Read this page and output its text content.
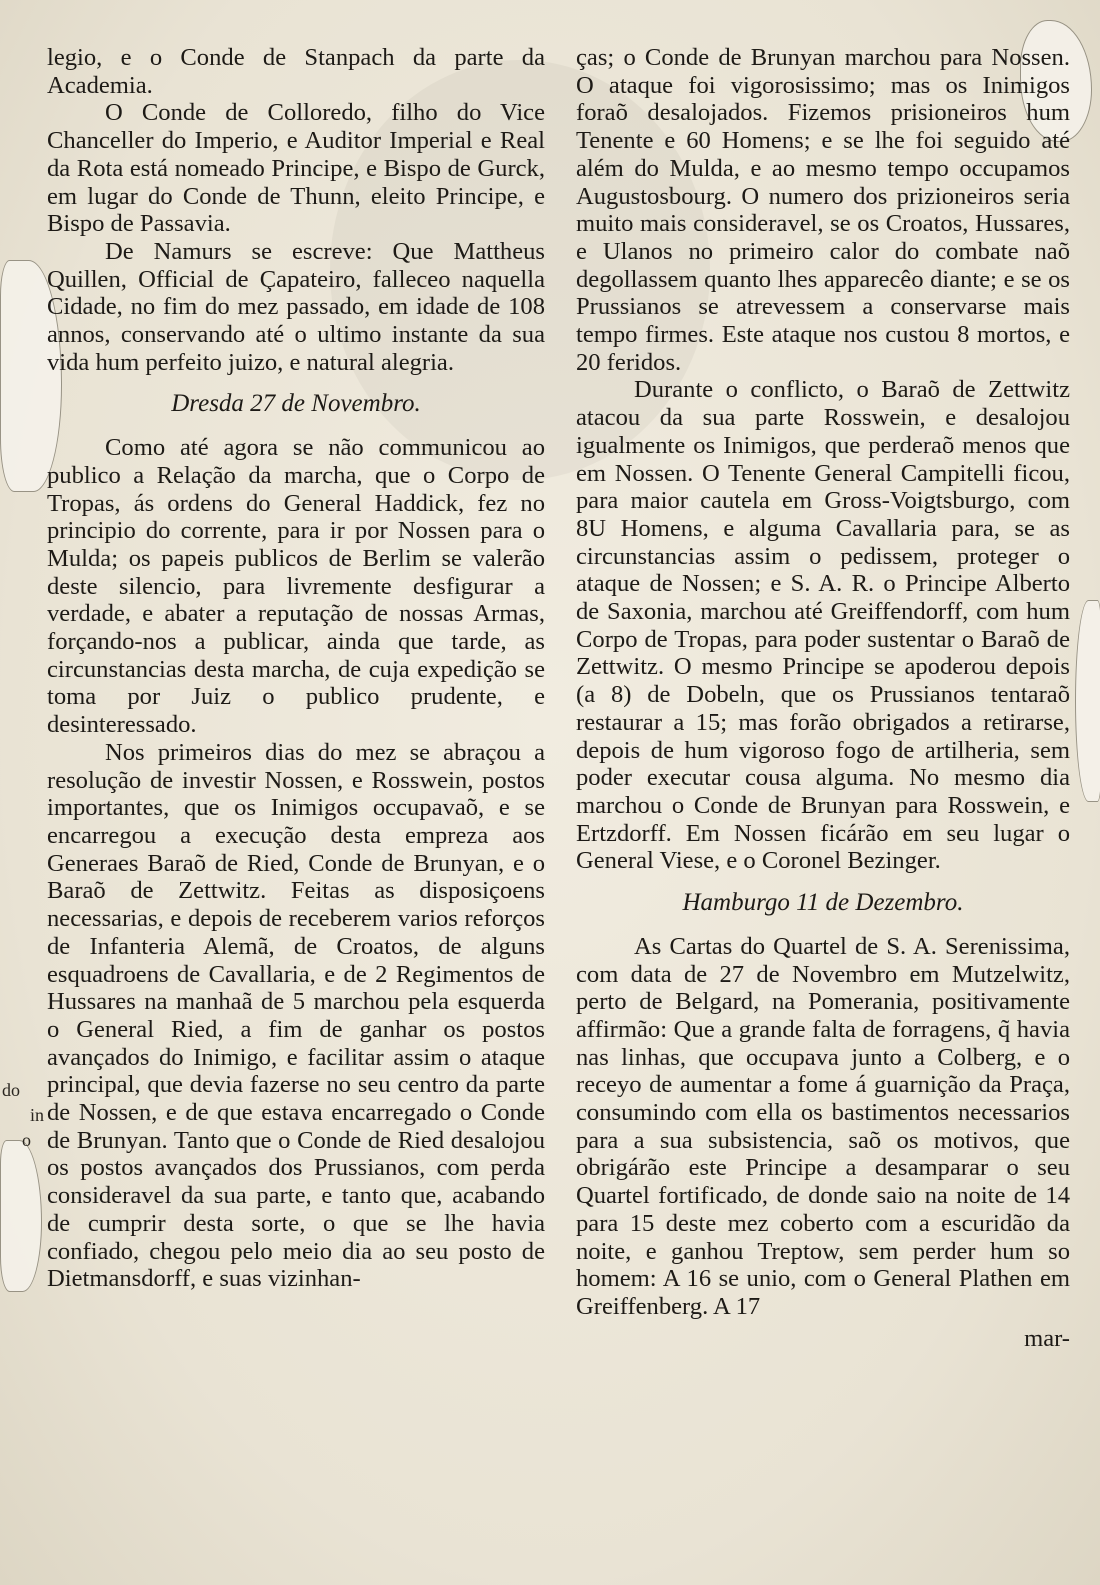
do
in
o

legio, e o Conde de Stanpach da parte da Academia.

O Conde de Colloredo, filho do Vice Chanceller do Imperio, e Auditor Imperial e Real da Rota está nomeado Principe, e Bispo de Gurck, em lugar do Conde de Thunn, eleito Principe, e Bispo de Passavia.

De Namurs se escreve: Que Mattheus Quillen, Official de Çapateiro, falleceo naquella Cidade, no fim do mez passado, em idade de 108 annos, conservando até o ultimo instante da sua vida hum perfeito juizo, e natural alegria.

Dresda 27 de Novembro.

Como até agora se não communicou ao publico a Relação da marcha, que o Corpo de Tropas, ás ordens do General Haddick, fez no principio do corrente, para ir por Nossen para o Mulda; os papeis publicos de Berlim se valerão deste silencio, para livremente desfigurar a verdade, e abater a reputação de nossas Armas, forçando-nos a publicar, ainda que tarde, as circunstancias desta marcha, de cuja expedição se toma por Juiz o publico prudente, e desinteressado.

Nos primeiros dias do mez se abraçou a resolução de investir Nossen, e Rosswein, postos importantes, que os Inimigos occupavaõ, e se encarregou a execução desta empreza aos Generaes Baraõ de Ried, Conde de Brunyan, e o Baraõ de Zettwitz. Feitas as disposiçoens necessarias, e depois de receberem varios reforços de Infanteria Alemã, de Croatos, de alguns esquadroens de Cavallaria, e de 2 Regimentos de Hussares na manhaã de 5 marchou pela esquerda o General Ried, a fim de ganhar os postos avançados do Inimigo, e facilitar assim o ataque principal, que devia fazerse no seu centro da parte de Nossen, e de que estava encarregado o Conde de Brunyan. Tanto que o Conde de Ried desalojou os postos avançados dos Prussianos, com perda consideravel da sua parte, e tanto que, acabando de cumprir desta sorte, o que se lhe havia confiado, chegou pelo meio dia ao seu posto de Dietmansdorff, e suas vizinhan-

ças; o Conde de Brunyan marchou para Nossen. O ataque foi vigorosissimo; mas os Inimigos foraõ desalojados. Fizemos prisioneiros hum Tenente e 60 Homens; e se lhe foi seguido até além do Mulda, e ao mesmo tempo occupamos Augustosbourg. O numero dos prizioneiros seria muito mais consideravel, se os Croatos, Hussares, e Ulanos no primeiro calor do combate naõ degollassem quanto lhes apparecêo diante; e se os Prussianos se atrevessem a conservarse mais tempo firmes. Este ataque nos custou 8 mortos, e 20 feridos.

Durante o conflicto, o Baraõ de Zettwitz atacou da sua parte Rosswein, e desalojou igualmente os Inimigos, que perderaõ menos que em Nossen. O Tenente General Campitelli ficou, para maior cautela em Gross-Voigtsburgo, com 8U Homens, e alguma Cavallaria para, se as circunstancias assim o pedissem, proteger o ataque de Nossen; e S. A. R. o Principe Alberto de Saxonia, marchou até Greiffendorff, com hum Corpo de Tropas, para poder sustentar o Baraõ de Zettwitz. O mesmo Principe se apoderou depois (a 8) de Dobeln, que os Prussianos tentaraõ restaurar a 15; mas forão obrigados a retirarse, depois de hum vigoroso fogo de artilheria, sem poder executar cousa alguma. No mesmo dia marchou o Conde de Brunyan para Rosswein, e Ertzdorff. Em Nossen ficárão em seu lugar o General Viese, e o Coronel Bezinger.

Hamburgo 11 de Dezembro.

As Cartas do Quartel de S. A. Serenissima, com data de 27 de Novembro em Mutzelwitz, perto de Belgard, na Pomerania, positivamente affirmão: Que a grande falta de forragens, q̃ havia nas linhas, que occupava junto a Colberg, e o receyo de aumentar a fome á guarnição da Praça, consumindo com ella os bastimentos necessarios para a sua subsistencia, saõ os motivos, que obrigárão este Principe a desamparar o seu Quartel fortificado, de donde saio na noite de 14 para 15 deste mez coberto com a escuridão da noite, e ganhou Treptow, sem perder hum so homem: A 16 se unio, com o General Plathen em Greiffenberg. A 17

mar-
